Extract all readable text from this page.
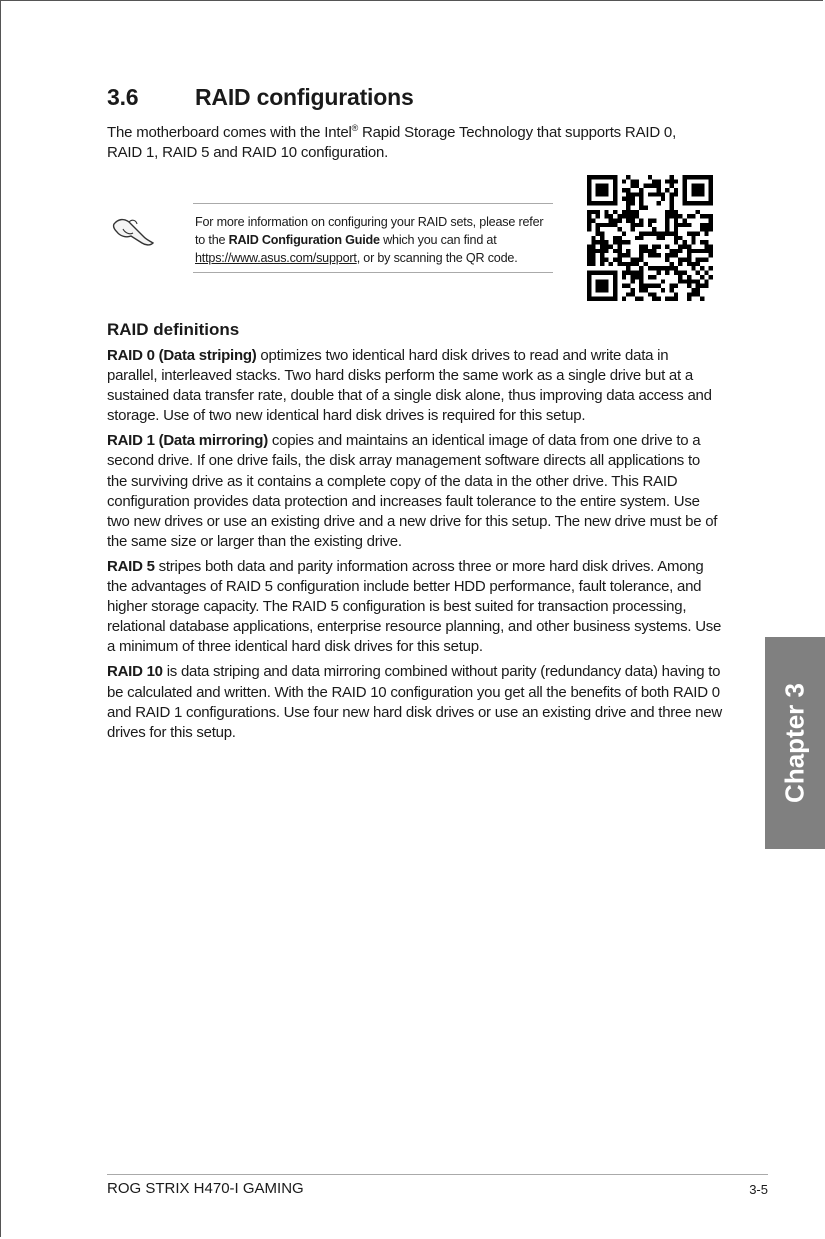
3.6 RAID configurations
The motherboard comes with the Intel® Rapid Storage Technology that supports RAID 0, RAID 1, RAID 5 and RAID 10 configuration.
For more information on configuring your RAID sets, please refer to the RAID Configuration Guide which you can find at https://www.asus.com/support, or by scanning the QR code.
RAID definitions

RAID 0 (Data striping) optimizes two identical hard disk drives to read and write data in parallel, interleaved stacks. Two hard disks perform the same work as a single drive but at a sustained data transfer rate, double that of a single disk alone, thus improving data access and storage. Use of two new identical hard disk drives is required for this setup.

RAID 1 (Data mirroring) copies and maintains an identical image of data from one drive to a second drive. If one drive fails, the disk array management software directs all applications to the surviving drive as it contains a complete copy of the data in the other drive. This RAID configuration provides data protection and increases fault tolerance to the entire system. Use two new drives or use an existing drive and a new drive for this setup. The new drive must be of the same size or larger than the existing drive.

RAID 5 stripes both data and parity information across three or more hard disk drives. Among the advantages of RAID 5 configuration include better HDD performance, fault tolerance, and higher storage capacity. The RAID 5 configuration is best suited for transaction processing, relational database applications, enterprise resource planning, and other business systems. Use a minimum of three identical hard disk drives for this setup.

RAID 10 is data striping and data mirroring combined without parity (redundancy data) having to be calculated and written. With the RAID 10 configuration you get all the benefits of both RAID 0 and RAID 1 configurations. Use four new hard disk drives or use an existing drive and three new drives for this setup.	Chapter 3
ROG STRIX H470-I GAMING	3-5
